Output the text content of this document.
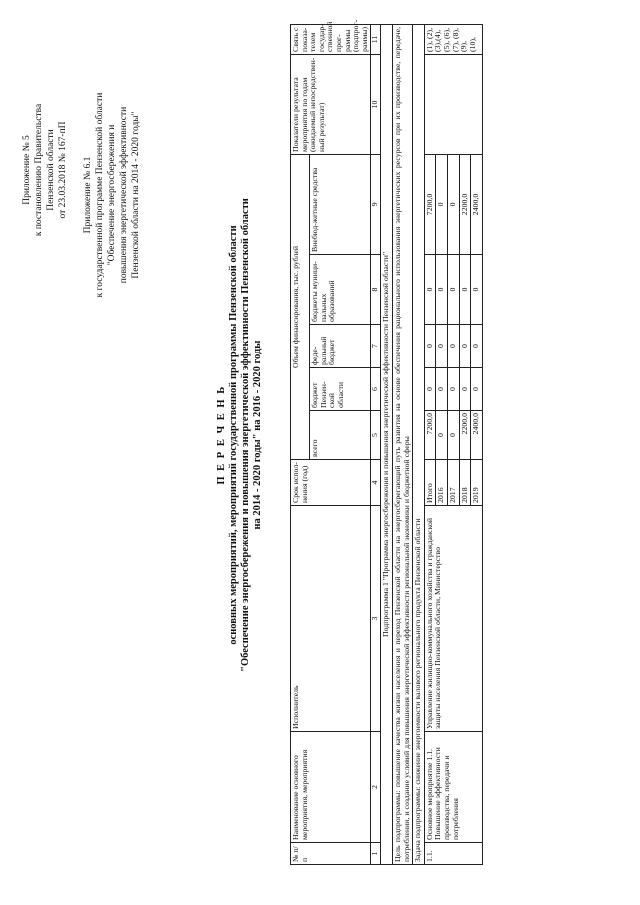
Приложение № 5 к постановлению Правительства Пензенской области от 23.03.2018 № 167-пП Приложение № 6.1 к государственной программе Пензенской области "Обеспечение энергосбережения и повышения энергетической эффективности Пензенской области на 2014 - 2020 годы"
П Е Р Е Ч Е Н Ь основных мероприятий, мероприятий государственной программы Пензенской области "Обеспечение энергосбережения и повышения энергетической эффективности Пензенской области на 2014 - 2020 годы" на 2016 - 2020 годы
№ п/п	Наименование основного мероприятия, мероприятия	Исполнитель	Срок испол-нения (год)	Объем финансирования, тыс. рублей					Показатели результата мероприятия по годам (ожидаемый непосредствен-ный результат)	Связь с показа-телем государ-ственной прог-раммы (подпрог-раммы)
				всего	бюджет Пензен-ской области	феде-ральный бюджет	бюджеты муници-пальных образований	Внебюд-жетные средства		
1	2	3	4	5	6	7	8	9	10	11
Подпрограмма 1 "Программа энергосбережения и повышения энергетической эффективности Пензенской области"										
Цель подпрограммы: повышение качества жизни населения и переход Пензенской области на энергосберегающий путь развития на основе обеспечения рационального использования энергетических ресурсов при их производстве, передаче, потреблении, и создание условий для повышения энергетической эффективности региональной экономики и бюджетной сферы										
Задача подпрограммы: снижение энергоемкости валового регионального продукта Пензенской области										
1.1.	Основное мероприятие 1.1. Повышение эффективности производства, передачи и потребления	Управление жилищно-коммунального хозяйства и гражданской защиты населения Пензенской области, Министерство	Итого	7200,0	0	0	0	7200,0		(1), (2), (3),(4), (5), (6), (7), (8), (9), (10),
			2016	0	0	0	0	0		
			2017	0	0	0	0	0		
			2018	2200,0	0	0	0	2200,0		
			2019	2400,0	0	0	0	2400,0		
